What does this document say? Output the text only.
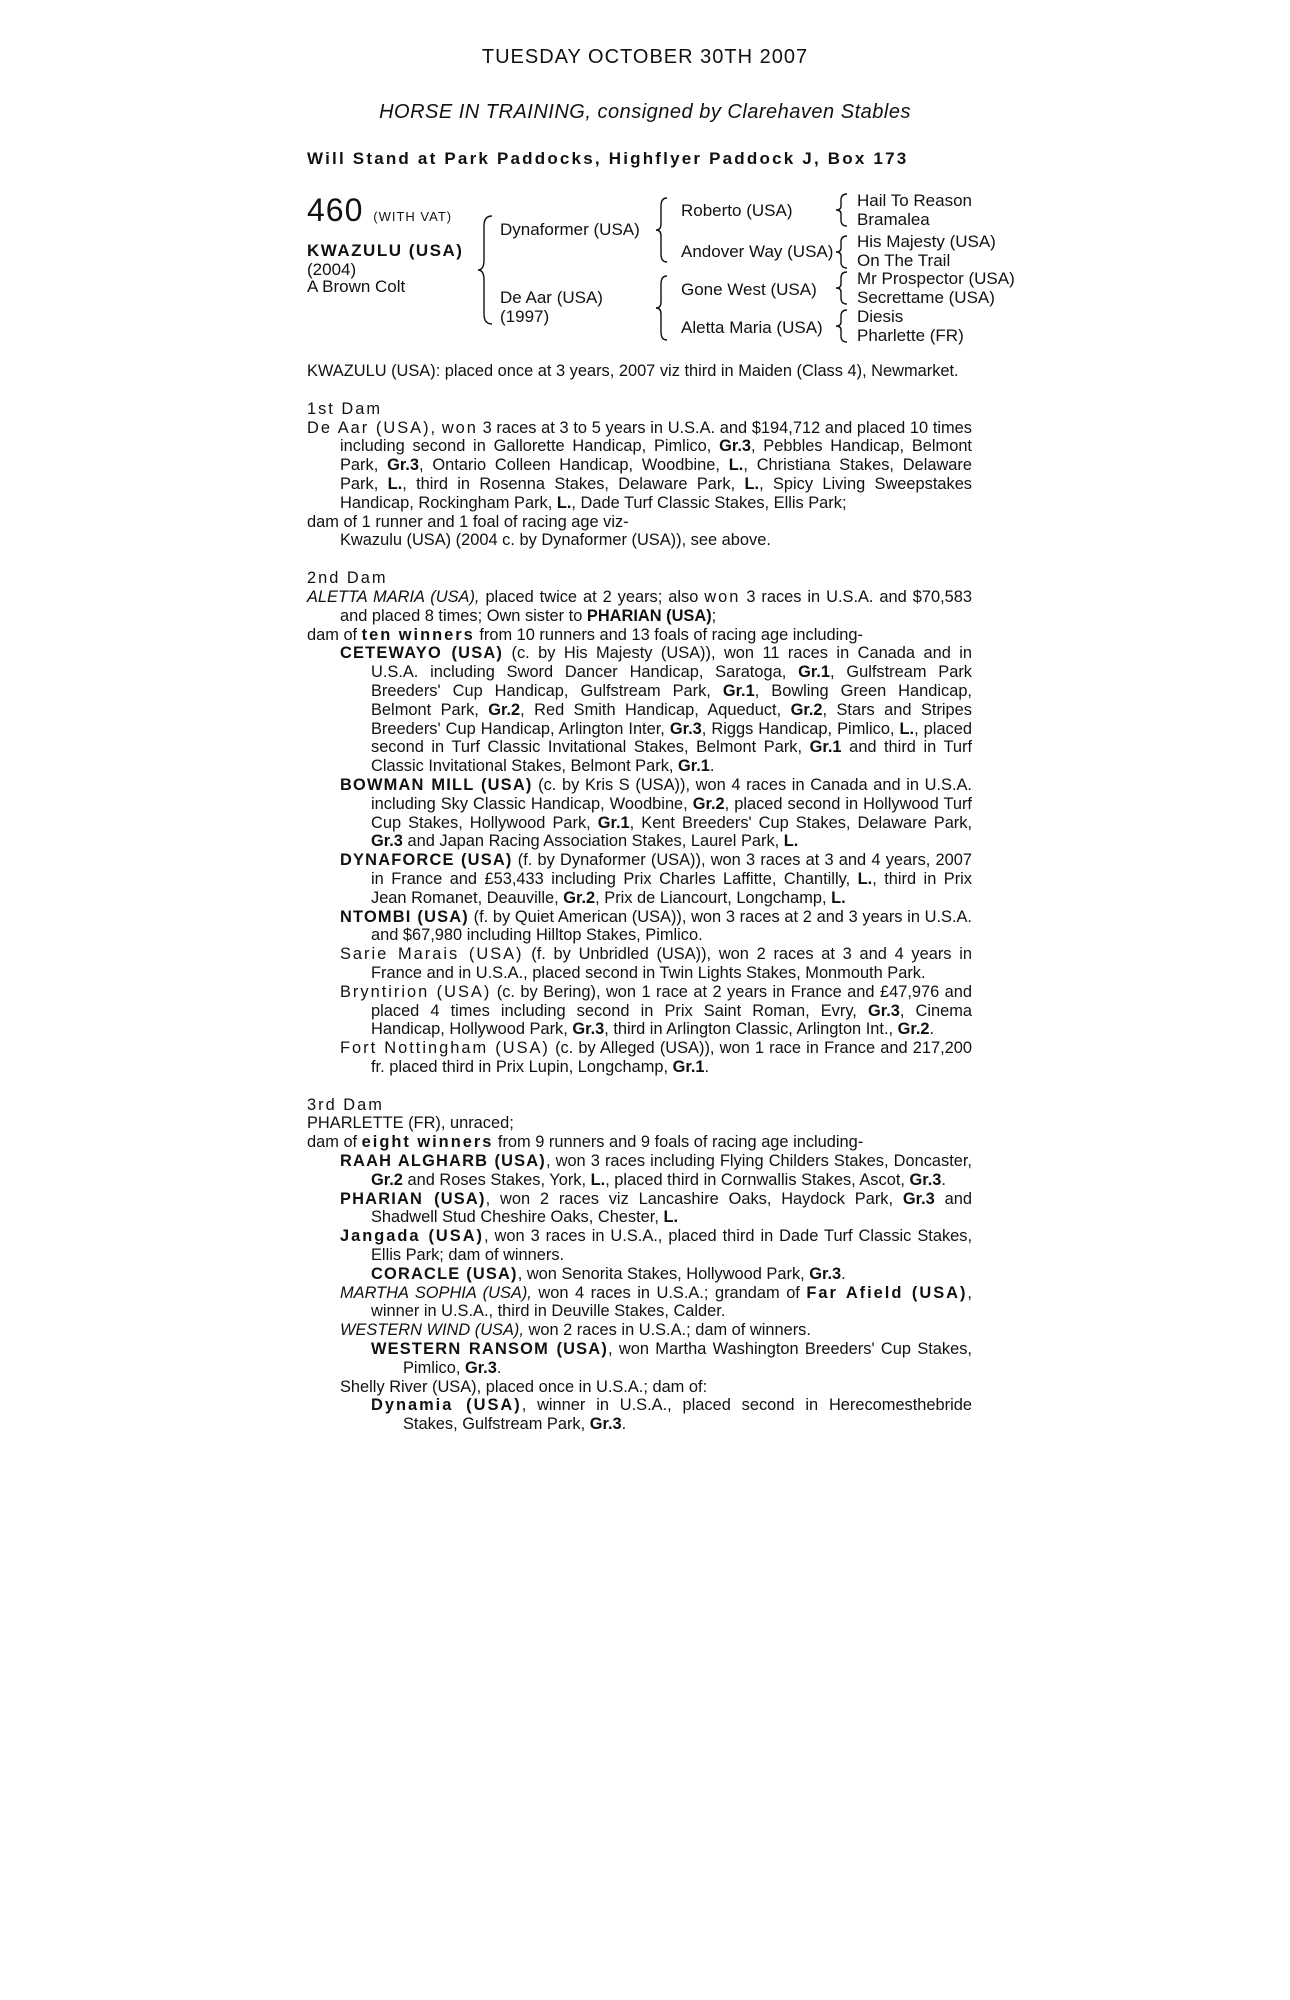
TUESDAY OCTOBER 30TH 2007
HORSE IN TRAINING, consigned by Clarehaven Stables
Will Stand at Park Paddocks, Highflyer Paddock J, Box 173
460 (WITH VAT)
KWAZULU (USA)
(2004)
A Brown Colt
Dynaformer (USA)
De Aar (USA)
(1997)
Roberto (USA)
Andover Way (USA)
Gone West (USA)
Aletta Maria (USA)
Hail To Reason
Bramalea
His Majesty (USA)
On The Trail
Mr Prospector (USA)
Secrettame (USA)
Diesis
Pharlette (FR)

KWAZULU (USA): placed once at 3 years, 2007 viz third in Maiden (Class 4), Newmarket.

1st Dam

De Aar (USA), won 3 races at 3 to 5 years in U.S.A. and $194,712 and placed 10 times including second in Gallorette Handicap, Pimlico, Gr.3, Pebbles Handicap, Belmont Park, Gr.3, Ontario Colleen Handicap, Woodbine, L., Christiana Stakes, Delaware Park, L., third in Rosenna Stakes, Delaware Park, L., Spicy Living Sweepstakes Handicap, Rockingham Park, L., Dade Turf Classic Stakes, Ellis Park;

dam of 1 runner and 1 foal of racing age viz-

Kwazulu (USA) (2004 c. by Dynaformer (USA)), see above.

2nd Dam

ALETTA MARIA (USA), placed twice at 2 years; also won 3 races in U.S.A. and $70,583 and placed 8 times; Own sister to PHARIAN (USA);

dam of ten winners from 10 runners and 13 foals of racing age including-

CETEWAYO (USA) (c. by His Majesty (USA)), won 11 races in Canada and in U.S.A. including Sword Dancer Handicap, Saratoga, Gr.1, Gulfstream Park Breeders' Cup Handicap, Gulfstream Park, Gr.1, Bowling Green Handicap, Belmont Park, Gr.2, Red Smith Handicap, Aqueduct, Gr.2, Stars and Stripes Breeders' Cup Handicap, Arlington Inter, Gr.3, Riggs Handicap, Pimlico, L., placed second in Turf Classic Invitational Stakes, Belmont Park, Gr.1 and third in Turf Classic Invitational Stakes, Belmont Park, Gr.1.

BOWMAN MILL (USA) (c. by Kris S (USA)), won 4 races in Canada and in U.S.A. including Sky Classic Handicap, Woodbine, Gr.2, placed second in Hollywood Turf Cup Stakes, Hollywood Park, Gr.1, Kent Breeders' Cup Stakes, Delaware Park, Gr.3 and Japan Racing Association Stakes, Laurel Park, L.

DYNAFORCE (USA) (f. by Dynaformer (USA)), won 3 races at 3 and 4 years, 2007 in France and £53,433 including Prix Charles Laffitte, Chantilly, L., third in Prix Jean Romanet, Deauville, Gr.2, Prix de Liancourt, Longchamp, L.

NTOMBI (USA) (f. by Quiet American (USA)), won 3 races at 2 and 3 years in U.S.A. and $67,980 including Hilltop Stakes, Pimlico.

Sarie Marais (USA) (f. by Unbridled (USA)), won 2 races at 3 and 4 years in France and in U.S.A., placed second in Twin Lights Stakes, Monmouth Park.

Bryntirion (USA) (c. by Bering), won 1 race at 2 years in France and £47,976 and placed 4 times including second in Prix Saint Roman, Evry, Gr.3, Cinema Handicap, Hollywood Park, Gr.3, third in Arlington Classic, Arlington Int., Gr.2.

Fort Nottingham (USA) (c. by Alleged (USA)), won 1 race in France and 217,200 fr. placed third in Prix Lupin, Longchamp, Gr.1.

3rd Dam

PHARLETTE (FR), unraced;

dam of eight winners from 9 runners and 9 foals of racing age including-

RAAH ALGHARB (USA), won 3 races including Flying Childers Stakes, Doncaster, Gr.2 and Roses Stakes, York, L., placed third in Cornwallis Stakes, Ascot, Gr.3.

PHARIAN (USA), won 2 races viz Lancashire Oaks, Haydock Park, Gr.3 and Shadwell Stud Cheshire Oaks, Chester, L.

Jangada (USA), won 3 races in U.S.A., placed third in Dade Turf Classic Stakes, Ellis Park; dam of winners.

CORACLE (USA), won Senorita Stakes, Hollywood Park, Gr.3.

MARTHA SOPHIA (USA), won 4 races in U.S.A.; grandam of Far Afield (USA), winner in U.S.A., third in Deuville Stakes, Calder.

WESTERN WIND (USA), won 2 races in U.S.A.; dam of winners.

WESTERN RANSOM (USA), won Martha Washington Breeders' Cup Stakes, Pimlico, Gr.3.

Shelly River (USA), placed once in U.S.A.; dam of:

Dynamia (USA), winner in U.S.A., placed second in Herecomesthebride Stakes, Gulfstream Park, Gr.3.
